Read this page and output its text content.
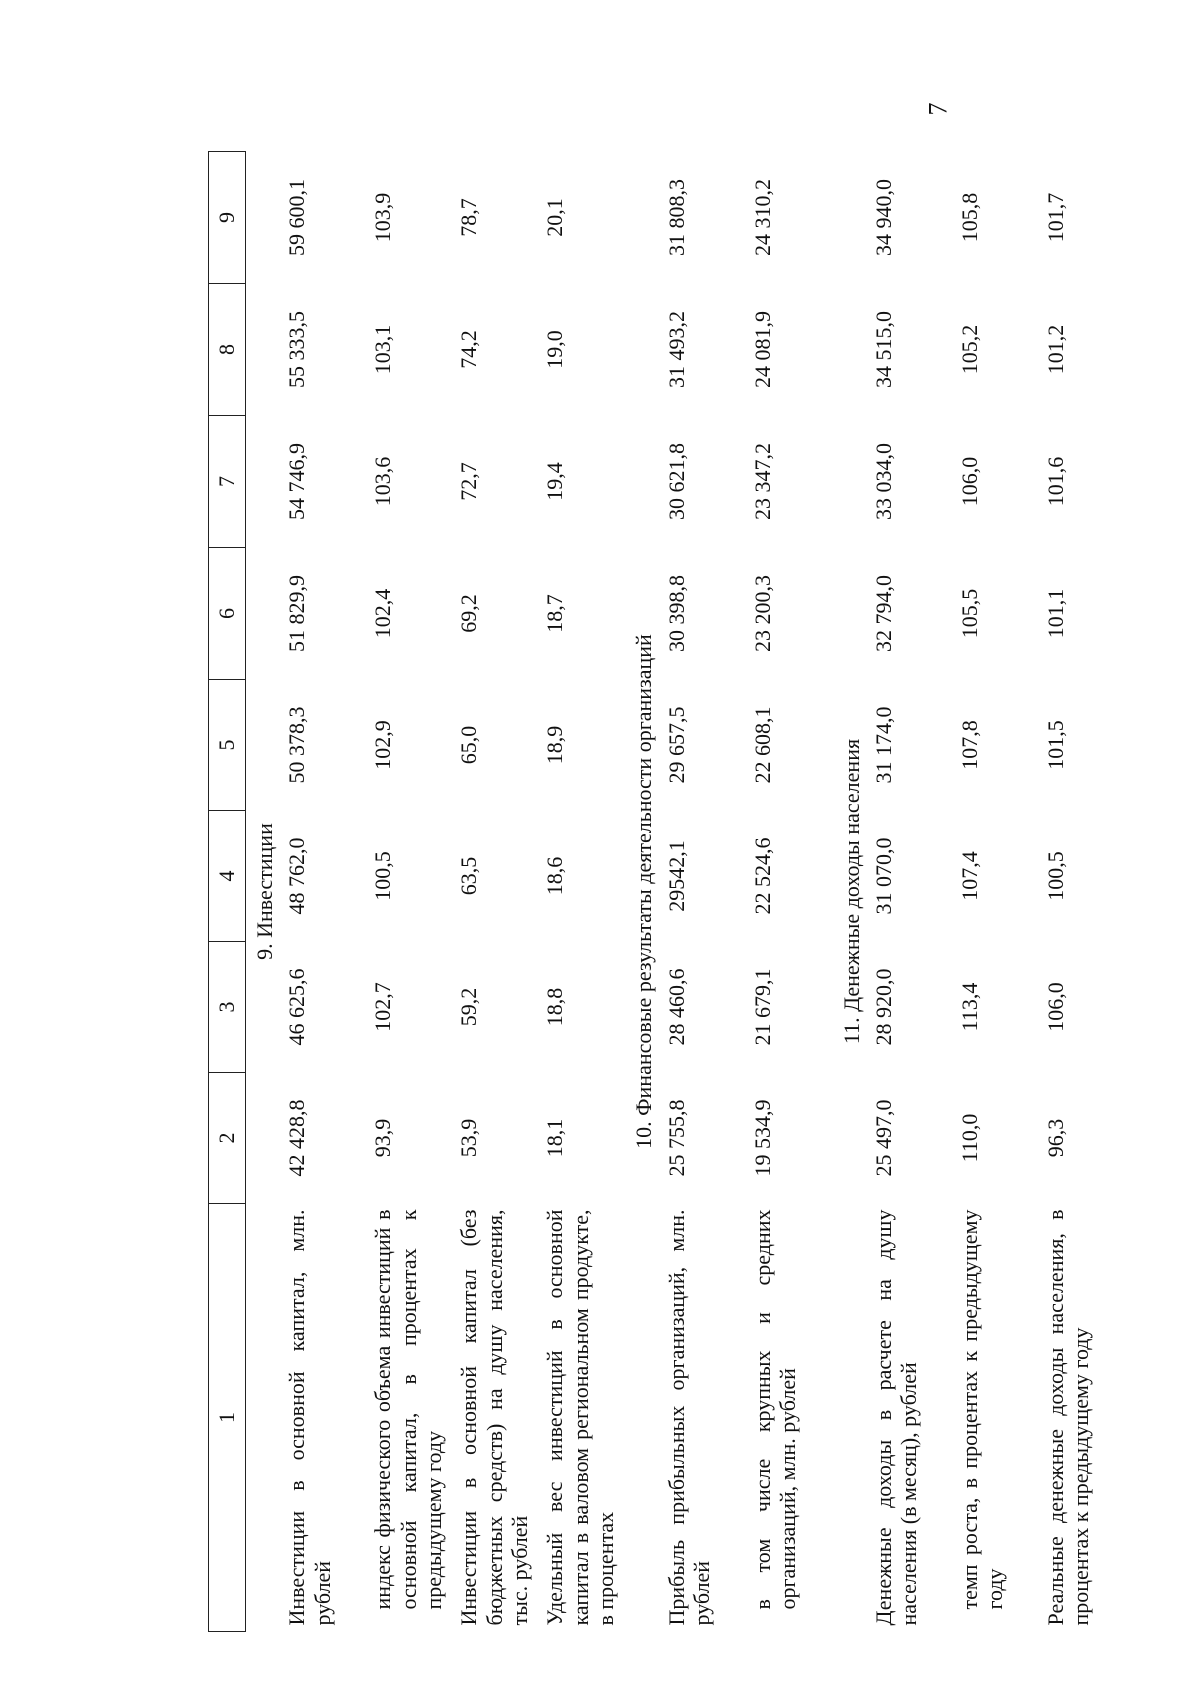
7
1	2	3	4	5	6	7	8	9
9. Инвестиции								
Инвестиции в основной капитал, млн. рублей	42 428,8	46 625,6	48 762,0	50 378,3	51 829,9	54 746,9	55 333,5	59 600,1
индекс физического объема инвестиций в основной капитал, в процентах к предыдущему году	93,9	102,7	100,5	102,9	102,4	103,6	103,1	103,9
Инвестиции в основной капитал (без бюджетных средств) на душу населения, тыс. рублей	53,9	59,2	63,5	65,0	69,2	72,7	74,2	78,7
Удельный вес инвестиций в основной капитал в валовом региональном продукте, в процентах	18,1	18,8	18,6	18,9	18,7	19,4	19,0	20,1
10. Финансовые результаты деятельности организаций								
Прибыль прибыльных организаций, млн. рублей	25 755,8	28 460,6	29542,1	29 657,5	30 398,8	30 621,8	31 493,2	31 808,3
в том числе крупных и средних организаций, млн. рублей	19 534,9	21 679,1	22 524,6	22 608,1	23 200,3	23 347,2	24 081,9	24 310,2
11. Денежные доходы населения								
Денежные доходы в расчете на душу населения (в месяц), рублей	25 497,0	28 920,0	31 070,0	31 174,0	32 794,0	33 034,0	34 515,0	34 940,0
темп роста, в процентах к предыдущему году	110,0	113,4	107,4	107,8	105,5	106,0	105,2	105,8
Реальные денежные доходы населения, в процентах к предыдущему году	96,3	106,0	100,5	101,5	101,1	101,6	101,2	101,7
